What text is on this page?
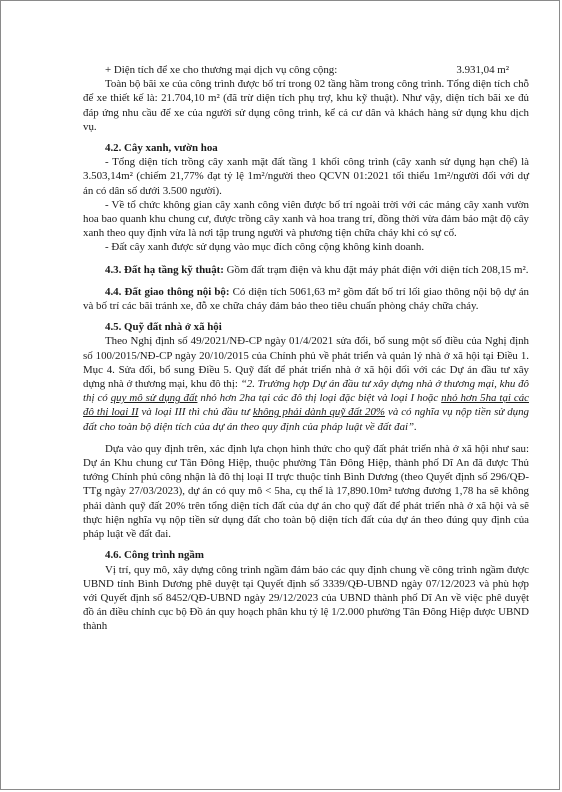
+ Diện tích để xe cho thương mại dịch vụ công cộng:	3.931,04 m²

Toàn bộ bãi xe của công trình được bố trí trong 02 tầng hầm trong công trình. Tổng diện tích chỗ để xe thiết kế là: 21.704,10 m² (đã trừ diện tích phụ trợ, khu kỹ thuật). Như vậy, diện tích bãi xe đủ đáp ứng nhu cầu để xe của người sử dụng công trình, kể cả cư dân và khách hàng sử dụng khu dịch vụ.

4.2. Cây xanh, vườn hoa

- Tổng diện tích trồng cây xanh mặt đất tầng 1 khối công trình (cây xanh sử dụng hạn chế) là 3.503,14m² (chiếm 21,77% đạt tỷ lệ 1m²/người theo QCVN 01:2021 tối thiểu 1m²/người đối với dự án có dân số dưới 3.500 người).

- Về tổ chức không gian cây xanh công viên được bố trí ngoài trời với các mảng cây xanh vườn hoa bao quanh khu chung cư, được trồng cây xanh và hoa trang trí, đồng thời vừa đảm bảo mật độ cây xanh theo quy định vừa là nơi tập trung người và phương tiện chữa cháy khi có sự cố.

- Đất cây xanh được sử dụng vào mục đích công cộng không kinh doanh.

4.3. Đất hạ tầng kỹ thuật: Gồm đất trạm điện và khu đặt máy phát điện với diện tích 208,15 m².

4.4. Đất giao thông nội bộ: Có diện tích 5061,63 m² gồm đất bố trí lối giao thông nội bộ dự án và bố trí các bãi tránh xe, đỗ xe chữa cháy đảm bảo theo tiêu chuẩn phòng cháy chữa cháy.

4.5. Quỹ đất nhà ở xã hội

Theo Nghị định số 49/2021/NĐ-CP ngày 01/4/2021 sửa đổi, bổ sung một số điều của Nghị định số 100/2015/NĐ-CP ngày 20/10/2015 của Chính phủ về phát triển và quản lý nhà ở xã hội tại Điều 1. Mục 4. Sửa đổi, bổ sung Điều 5. Quỹ đất để phát triển nhà ở xã hội đối với các Dự án đầu tư xây dựng nhà ở thương mại, khu đô thị: “2. Trường hợp Dự án đầu tư xây dựng nhà ở thương mại, khu đô thị có quy mô sử dụng đất nhỏ hơn 2ha tại các đô thị loại đặc biệt và loại I hoặc nhỏ hơn 5ha tại các đô thị loại II và loại III thì chủ đầu tư không phải dành quỹ đất 20% và có nghĩa vụ nộp tiền sử dụng đất cho toàn bộ diện tích của dự án theo quy định của pháp luật về đất đai”.

Dựa vào quy định trên, xác định lựa chọn hình thức cho quỹ đất phát triển nhà ở xã hội như sau: Dự án Khu chung cư Tân Đông Hiệp, thuộc phường Tân Đông Hiệp, thành phố Dĩ An đã được Thủ tướng Chính phủ công nhận là đô thị loại II trực thuộc tỉnh Bình Dương (theo Quyết định số 296/QĐ-TTg ngày 27/03/2023), dự án có quy mô < 5ha, cụ thể là 17,890.10m² tương đương 1,78 ha sẽ không phải dành quỹ đất 20% trên tổng diện tích đất của dự án cho quỹ đất để phát triển nhà ở xã hội và sẽ thực hiện nghĩa vụ nộp tiền sử dụng đất cho toàn bộ diện tích đất của dự án theo đúng quy định của pháp luật về đất đai.

4.6. Công trình ngầm

Vị trí, quy mô, xây dựng công trình ngầm đảm bảo các quy định chung về công trình ngầm được UBND tỉnh Bình Dương phê duyệt tại Quyết định số 3339/QĐ-UBND ngày 07/12/2023 và phù hợp với Quyết định số 8452/QĐ-UBND ngày 29/12/2023 của UBND thành phố Dĩ An về việc phê duyệt đồ án điều chỉnh cục bộ Đồ án quy hoạch phân khu tỷ lệ 1/2.000 phường Tân Đông Hiệp được UBND thành
